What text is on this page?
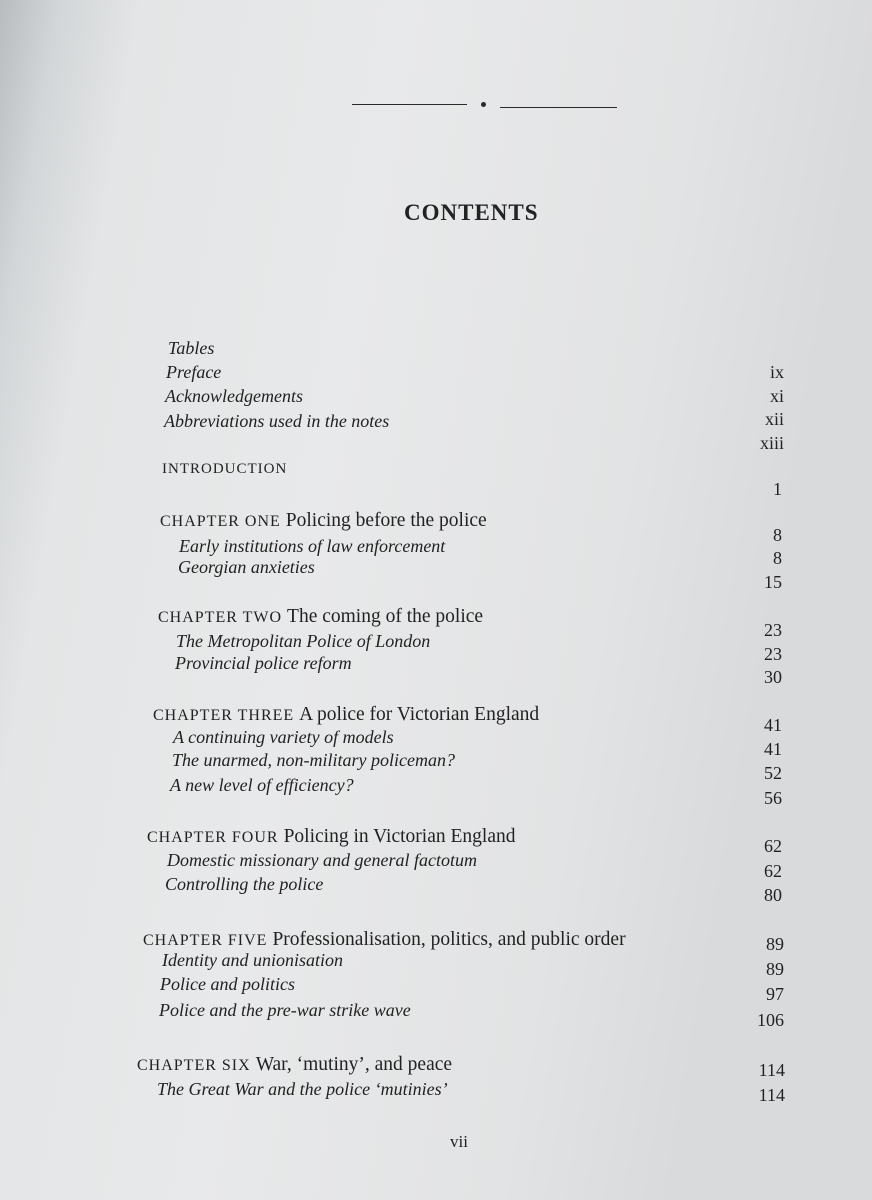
CONTENTS
Tables
Preface
Acknowledgements
Abbreviations used in the notes
ix
xi
xii
xiii
INTRODUCTION
1
CHAPTER ONE Policing before the police
Early institutions of law enforcement
Georgian anxieties
8
8
15
CHAPTER TWO The coming of the police
The Metropolitan Police of London
Provincial police reform
23
23
30
CHAPTER THREE A police for Victorian England
A continuing variety of models
The unarmed, non-military policeman?
A new level of efficiency?
41
41
52
56
CHAPTER FOUR Policing in Victorian England
Domestic missionary and general factotum
Controlling the police
62
62
80
CHAPTER FIVE Professionalisation, politics, and public order
Identity and unionisation
Police and politics
Police and the pre-war strike wave
89
89
97
106
CHAPTER SIX War, ‘mutiny’, and peace
The Great War and the police ‘mutinies’
114
114
vii
